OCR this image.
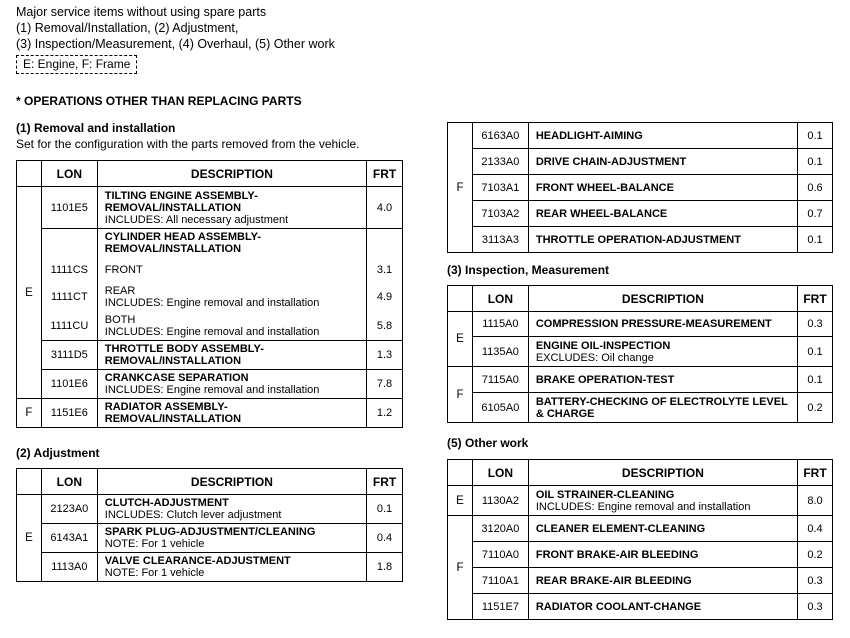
Major service items without using spare parts
(1) Removal/Installation, (2) Adjustment,
(3) Inspection/Measurement, (4) Overhaul, (5) Other work
E: Engine, F: Frame
* OPERATIONS OTHER THAN REPLACING PARTS
(1) Removal and installation
Set for the configuration with the parts removed from the vehicle.
	LON	DESCRIPTION	FRT
E	1101E5	TILTING ENGINE ASSEMBLY-REMOVAL/INSTALLATION
INCLUDES: All necessary adjustment	4.0

		CYLINDER HEAD ASSEMBLY-REMOVAL/INSTALLATION	

	1111CS	FRONT	3.1
	1111CT	REAR
INCLUDES: Engine removal and installation	4.9
	1111CU	BOTH
INCLUDES: Engine removal and installation	5.8
	3111D5	THROTTLE BODY ASSEMBLY-REMOVAL/INSTALLATION	1.3
	1101E6	CRANKCASE SEPARATION
INCLUDES: Engine removal and installation	7.8
F	1151E6	RADIATOR ASSEMBLY-REMOVAL/INSTALLATION	1.2
(2) Adjustment
	LON	DESCRIPTION	FRT
E	2123A0	CLUTCH-ADJUSTMENT
INCLUDES: Clutch lever adjustment	0.1
	6143A1	SPARK PLUG-ADJUSTMENT/CLEANING
NOTE: For 1 vehicle	0.4
	1113A0	VALVE CLEARANCE-ADJUSTMENT
NOTE: For 1 vehicle	1.8
F	6163A0	HEADLIGHT-AIMING	0.1
	2133A0	DRIVE CHAIN-ADJUSTMENT	0.1
	7103A1	FRONT WHEEL-BALANCE	0.6
	7103A2	REAR WHEEL-BALANCE	0.7
	3113A3	THROTTLE OPERATION-ADJUSTMENT	0.1
(3) Inspection, Measurement
	LON	DESCRIPTION	FRT
E	1115A0	COMPRESSION PRESSURE-MEASUREMENT	0.3
	1135A0	ENGINE OIL-INSPECTION
EXCLUDES: Oil change	0.1
F	7115A0	BRAKE OPERATION-TEST	0.1
	6105A0	BATTERY-CHECKING OF ELECTROLYTE LEVEL & CHARGE	0.2
(5) Other work
	LON	DESCRIPTION	FRT
E	1130A2	OIL STRAINER-CLEANING
INCLUDES: Engine removal and installation	8.0
F	3120A0	CLEANER ELEMENT-CLEANING	0.4
	7110A0	FRONT BRAKE-AIR BLEEDING	0.2
	7110A1	REAR BRAKE-AIR BLEEDING	0.3
	1151E7	RADIATOR COOLANT-CHANGE	0.3
